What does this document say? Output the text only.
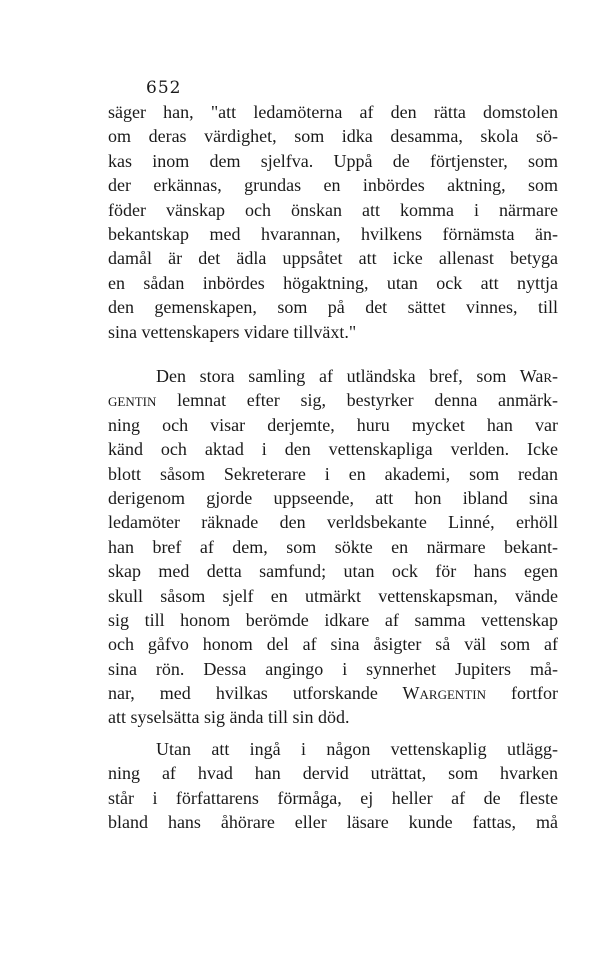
652
säger han, "att ledamöterna af den rätta domstolen
om deras värdighet, som idka desamma, skola sö-
kas inom dem sjelfva. Uppå de förtjenster, som
der erkännas, grundas en inbördes aktning, som
föder vänskap och önskan att komma i närmare
bekantskap med hvarannan, hvilkens förnämsta än-
damål är det ädla uppsåtet att icke allenast betyga
en sådan inbördes högaktning, utan ock att nyttja
den gemenskapen, som på det sättet vinnes, till
sina vettenskapers vidare tillväxt."
Den stora samling af utländska bref, som War-
gentin lemnat efter sig, bestyrker denna anmärk-
ning och visar derjemte, huru mycket han var
känd och aktad i den vettenskapliga verlden. Icke
blott såsom Sekreterare i en akademi, som redan
derigenom gjorde uppseende, att hon ibland sina
ledamöter räknade den verldsbekante Linné, erhöll
han bref af dem, som sökte en närmare bekant-
skap med detta samfund; utan ock för hans egen
skull såsom sjelf en utmärkt vettenskapsman, vände
sig till honom berömde idkare af samma vettenskap
och gåfvo honom del af sina åsigter så väl som af
sina rön. Dessa angingo i synnerhet Jupiters må-
nar, med hvilkas utforskande Wargentin fortfor
att syselsätta sig ända till sin död.
Utan att ingå i någon vettenskaplig utlägg-
ning af hvad han dervid uträttat, som hvarken
står i författarens förmåga, ej heller af de fleste
bland hans åhörare eller läsare kunde fattas, må
